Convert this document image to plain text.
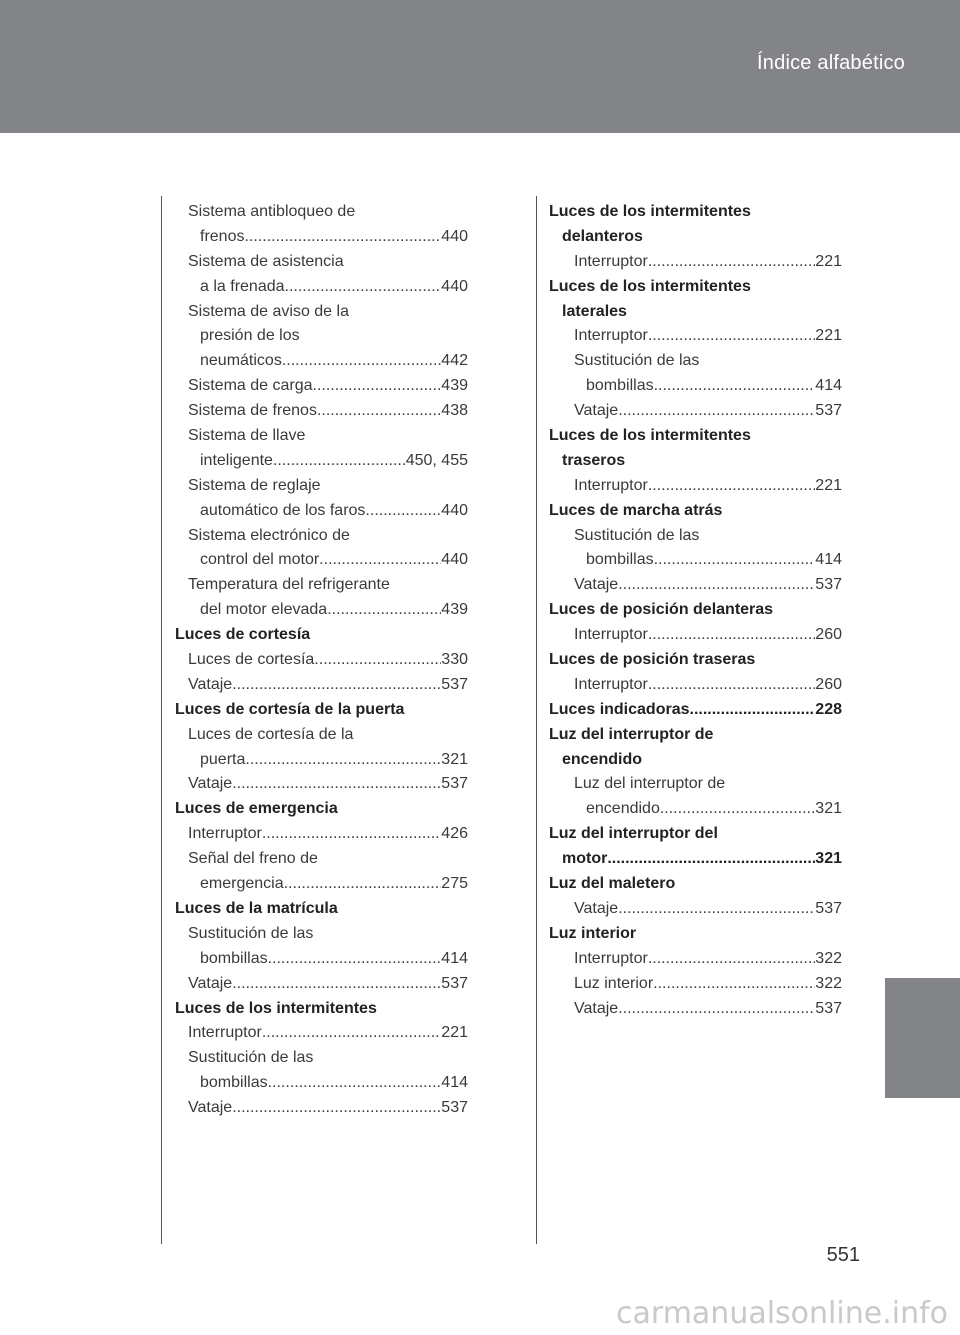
Índice alfabético
Sistema antibloqueo de
frenos .....	440
Sistema de asistencia
a la frenada .....	440
Sistema de aviso de la
presión de los
neumáticos .....	442
Sistema de carga .....	439
Sistema de frenos .....	438
Sistema de llave
inteligente .....	450, 455
Sistema de reglaje
automático de los faros .....	440
Sistema electrónico de
control del motor .....	440
Temperatura del refrigerante
del motor elevada .....	439
Luces de cortesía
Luces de cortesía .....	330
Vataje .....	537
Luces de cortesía de la puerta
Luces de cortesía de la
puerta .....	321
Vataje .....	537
Luces de emergencia
Interruptor .....	426
Señal del freno de
emergencia .....	275
Luces de la matrícula
Sustitución de las
bombillas .....	414
Vataje .....	537
Luces de los intermitentes
Interruptor .....	221
Sustitución de las
bombillas .....	414
Vataje .....	537
Luces de los intermitentes
delanteros
Interruptor .....	221
Luces de los intermitentes
laterales
Interruptor .....	221
Sustitución de las
bombillas .....	414
Vataje .....	537
Luces de los intermitentes
traseros
Interruptor .....	221
Luces de marcha atrás
Sustitución de las
bombillas .....	414
Vataje .....	537
Luces de posición delanteras
Interruptor .....	260
Luces de posición traseras
Interruptor .....	260
Luces indicadoras .....	228
Luz del interruptor de
encendido
Luz del interruptor de
encendido .....	321
Luz del interruptor del
motor .....	321
Luz del maletero
Vataje .....	537
Luz interior
Interruptor .....	322
Luz interior .....	322
Vataje .....	537
551
carmanualsonline.info
